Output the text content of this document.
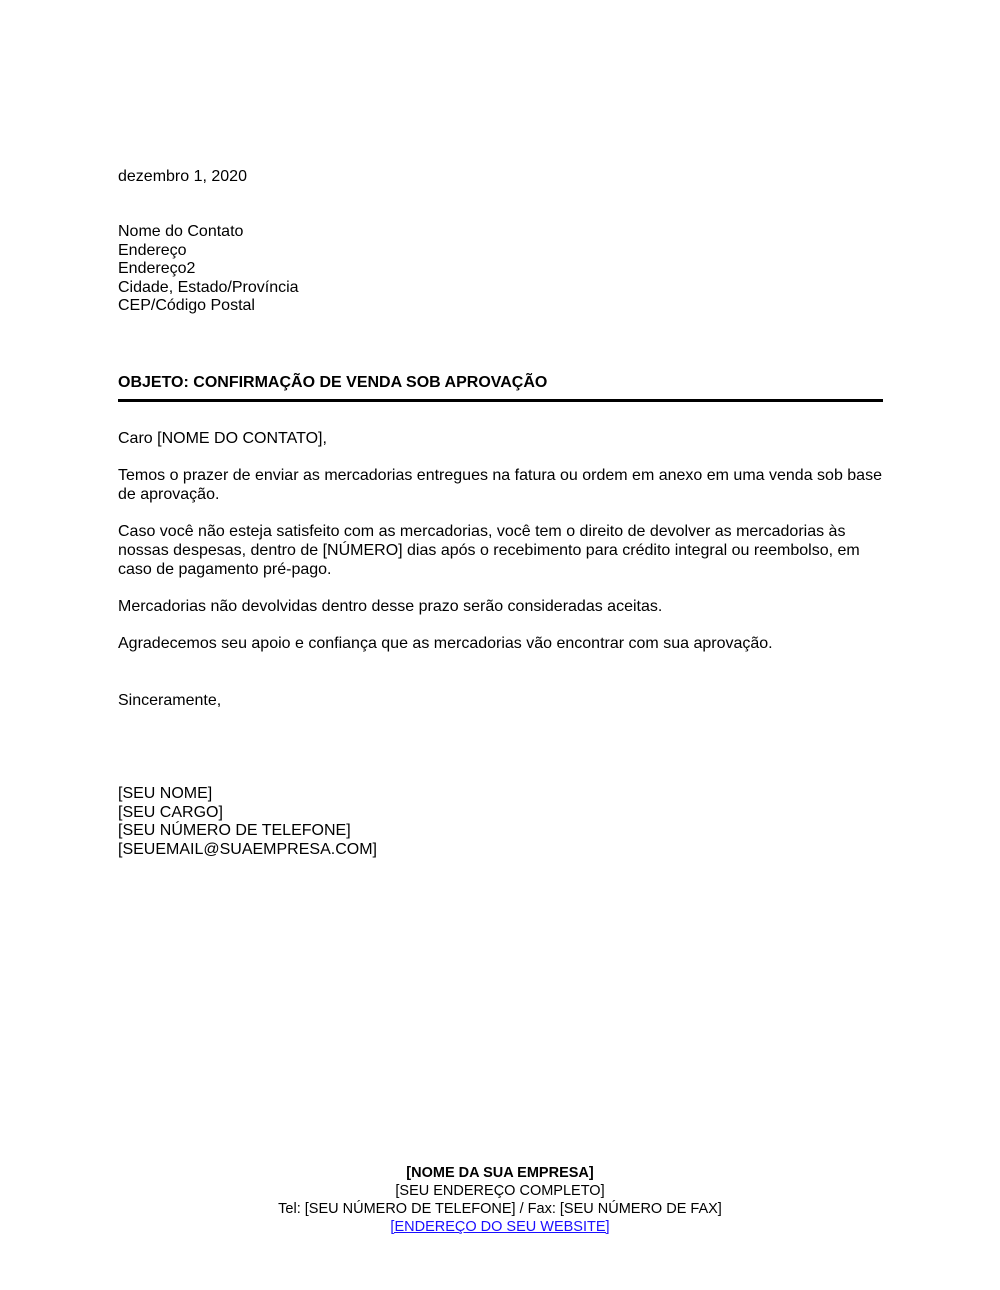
dezembro 1, 2020
Nome do Contato
Endereço
Endereço2
Cidade, Estado/Província
CEP/Código Postal
OBJETO: CONFIRMAÇÃO DE VENDA SOB APROVAÇÃO

Caro [NOME DO CONTATO],

Temos o prazer de enviar as mercadorias entregues na fatura ou ordem em anexo em uma venda sob base de aprovação.

Caso você não esteja satisfeito com as mercadorias, você tem o direito de devolver as mercadorias às nossas despesas, dentro de [NÚMERO] dias após o recebimento para crédito integral ou reembolso, em caso de pagamento pré-pago.

Mercadorias não devolvidas dentro desse prazo serão consideradas aceitas.

Agradecemos seu apoio e confiança que as mercadorias vão encontrar com sua aprovação.

Sinceramente,
[SEU NOME]
[SEU CARGO]
[SEU NÚMERO DE TELEFONE]
[SEUEMAIL@SUAEMPRESA.COM]
[NOME DA SUA EMPRESA]
[SEU ENDEREÇO COMPLETO]
Tel: [SEU NÚMERO DE TELEFONE] / Fax: [SEU NÚMERO DE FAX]
[ENDEREÇO DO SEU WEBSITE]
